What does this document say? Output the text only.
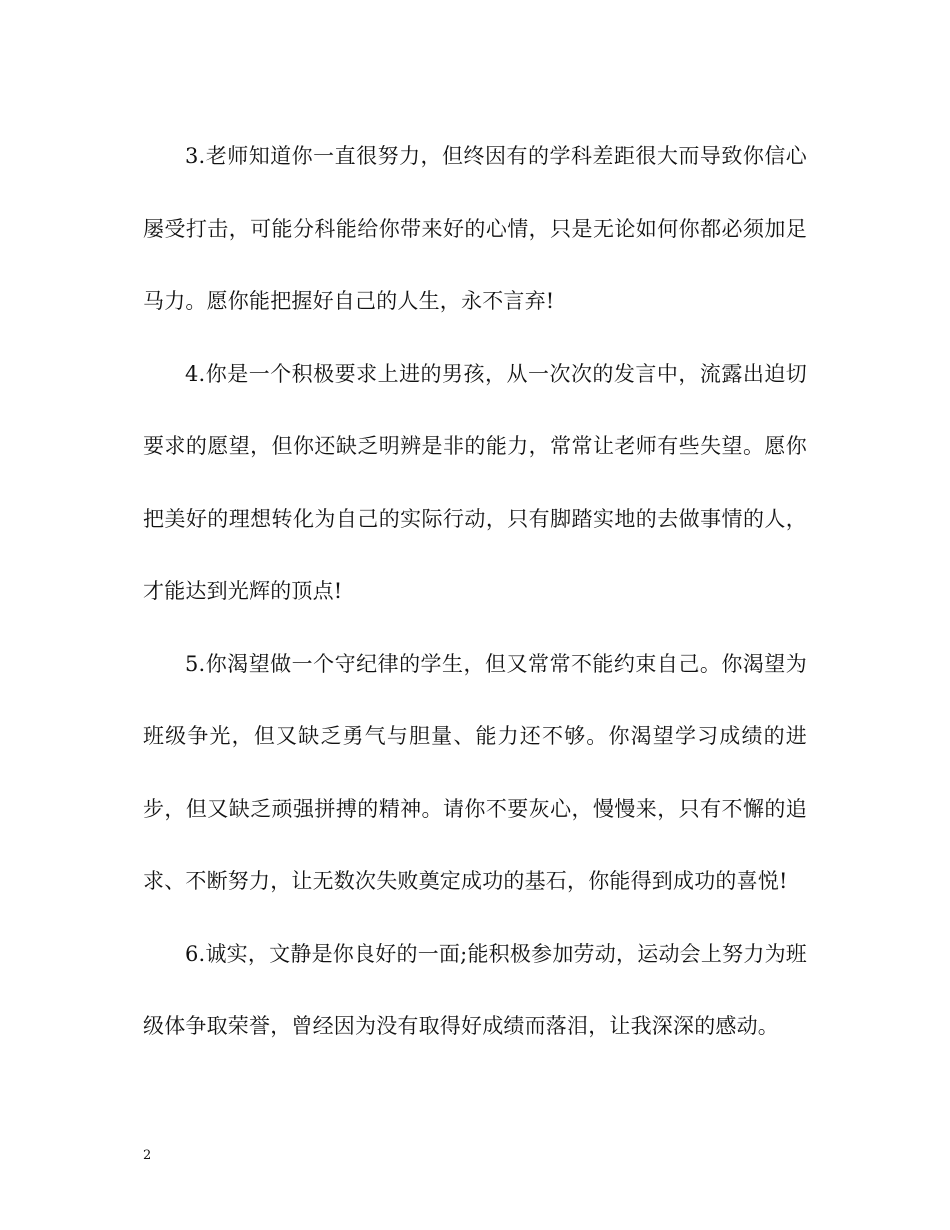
3.老师知道你一直很努力，但终因有的学科差距很大而导致你信心屡受打击，可能分科能给你带来好的心情，只是无论如何你都必须加足马力。愿你能把握好自己的人生，永不言弃!

4.你是一个积极要求上进的男孩，从一次次的发言中，流露出迫切要求的愿望，但你还缺乏明辨是非的能力，常常让老师有些失望。愿你把美好的理想转化为自己的实际行动，只有脚踏实地的去做事情的人，才能达到光辉的顶点!

5.你渴望做一个守纪律的学生，但又常常不能约束自己。你渴望为班级争光，但又缺乏勇气与胆量、能力还不够。你渴望学习成绩的进步，但又缺乏顽强拼搏的精神。请你不要灰心，慢慢来，只有不懈的追求、不断努力，让无数次失败奠定成功的基石，你能得到成功的喜悦!

6.诚实，文静是你良好的一面;能积极参加劳动，运动会上努力为班级体争取荣誉，曾经因为没有取得好成绩而落泪，让我深深的感动。

2
